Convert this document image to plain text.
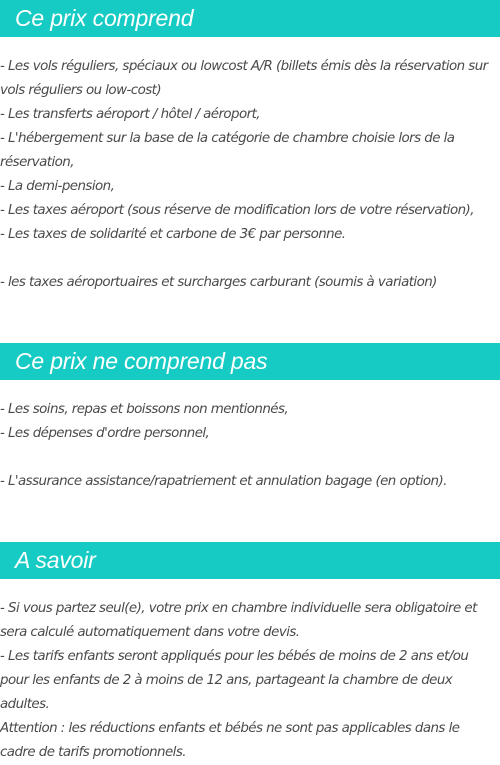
Ce prix comprend
- Les vols réguliers, spéciaux ou lowcost A/R (billets émis dès la réservation sur vols réguliers ou low-cost)
- Les transferts aéroport / hôtel / aéroport,
- L'hébergement sur la base de la catégorie de chambre choisie lors de la réservation,
- La demi-pension,
- Les taxes aéroport (sous réserve de modification lors de votre réservation),
- Les taxes de solidarité et carbone de 3€ par personne.
- les taxes aéroportuaires et surcharges carburant (soumis à variation)
Ce prix ne comprend pas
- Les soins, repas et boissons non mentionnés,
- Les dépenses d'ordre personnel,
- L'assurance assistance/rapatriement et annulation bagage (en option).
A savoir
- Si vous partez seul(e), votre prix en chambre individuelle sera obligatoire et sera calculé automatiquement dans votre devis.
- Les tarifs enfants seront appliqués pour les bébés de moins de 2 ans et/ou pour les enfants de 2 à moins de 12 ans, partageant la chambre de deux adultes.
Attention : les réductions enfants et bébés ne sont pas applicables dans le cadre de tarifs promotionnels.
